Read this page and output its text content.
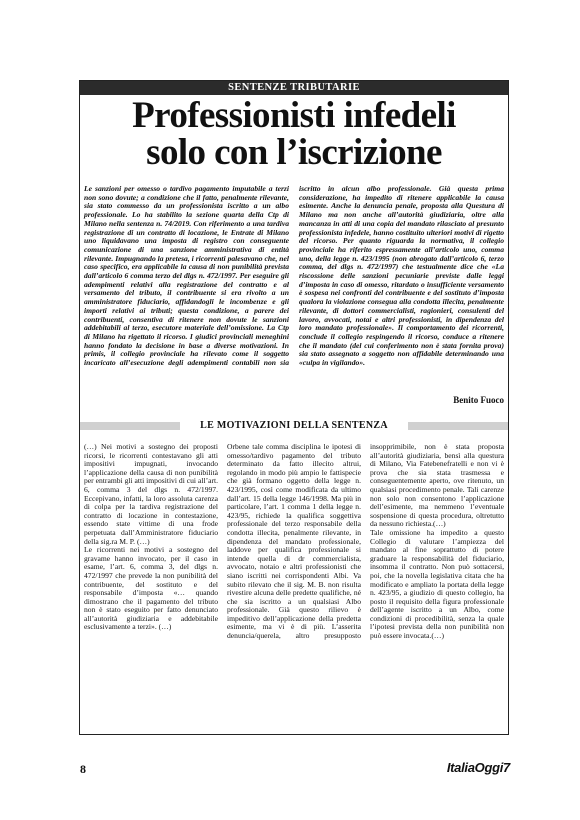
SENTENZE TRIBUTARIE
Professionisti infedeli
solo con l’iscrizione

Le sanzioni per omesso o tardivo pagamento imputabile a terzi non sono dovute; a condizione che il fatto, penalmente rilevante, sia stato commesso da un professionista iscritto a un albo professionale. Lo ha stabilito la sezione quarta della Ctp di Milano nella sentenza n. 74/2019. Con riferimento a una tardiva registrazione di un contratto di locazione, le Entrate di Milano uno liquidavano una imposta di registro con conseguente comunicazione di una sanzione amministrativa di entità rilevante. Impugnando la pretesa, i ricorrenti palesavano che, nel caso specifico, era applicabile la causa di non punibilità prevista dall’articolo 6 comma terzo del dlgs n. 472/1997. Per eseguire gli adempimenti relativi alla registrazione del contratto e al versamento del tributo, il contribuente si era rivolto a un amministratore fiduciario, affidandogli le incombenze e gli importi relativi ai tributi; questa condizione, a parere dei contribuenti, consentiva di ritenere non dovute le sanzioni addebitabili al terzo, esecutore materiale dell’omissione. La Ctp di Milano ha rigettato il ricorso. I giudici provinciali meneghini hanno fondato la decisione in base a diverse motivazioni. In primis, il collegio provinciale ha rilevato come il soggetto incaricato all’esecuzione degli adempimenti contabili non sia iscritto in alcun albo professionale. Già questa prima considerazione, ha impedito di ritenere applicabile la causa esimente. Anche la denuncia penale, proposta alla Questura di Milano ma non anche all’autorità giudiziaria, oltre alla mancanza in atti di una copia del mandato rilasciato al presunto professionista infedele, hanno costituito ulteriori motivi di rigetto del ricorso. Per quanto riguarda la normativa, il collegio provinciale ha riferito espressamente all’articolo uno, comma uno, della legge n. 423/1995 (non abrogato dall’articolo 6, terzo comma, del dlgs n. 472/1997) che testualmente dice che «La riscossione delle sanzioni pecuniarie previste dalle leggi d’imposta in caso di omesso, ritardato o insufficiente versamento è sospesa nei confronti del contribuente e del sostituto d’imposta qualora la violazione consegua alla condotta illecita, penalmente rilevante, di dottori commercialisti, ragionieri, consulenti del lavoro, avvocati, notai e altri professionisti, in dipendenza del loro mandato professionale». Il comportamento dei ricorrenti, conclude il collegio respingendo il ricorso, conduce a ritenere che il mandato (del cui conferimento non è stata fornita prova) sia stato assegnato a soggetto non affidabile determinando una «culpa in vigilando».

Benito Fuoco
LE MOTIVAZIONI DELLA SENTENZA

(…) Nei motivi a sostegno dei proposti ricorsi, le ricorrenti contestavano gli atti impositivi impugnati, invocando l’applicazione della causa di non punibilità per entrambi gli atti impositivi di cui all’art. 6, comma 3 del dlgs n. 472/1997. Eccepivano, infatti, la loro assoluta carenza di colpa per la tardiva registrazione del contratto di locazione in contestazione, essendo state vittime di una frode perpetuata dall’Amministratore fiduciario della sig.ra M. P. (…)

Le ricorrenti nei motivi a sostegno del gravame hanno invocato, per il caso in esame, l’art. 6, comma 3, del dlgs n. 472/1997 che prevede la non punibilità del contribuente, del sostituto e del responsabile d’imposta «… quando dimostrano che il pagamento del tributo non è stato eseguito per fatto denunciato all’autorità giudiziaria e addebitabile esclusivamente a terzi». (…)

Orbene tale comma disciplina le ipotesi di omesso/tardivo pagamento del tributo determinato da fatto illecito altrui, regolando in modo più ampio le fattispecie che già formano oggetto della legge n. 423/1995, così come modificata da ultimo dall’art. 15 della legge 146/1998. Ma più in particolare, l’art. 1 comma 1 della legge n. 423/95, richiede la qualifica soggettiva professionale del terzo responsabile della condotta illecita, penalmente rilevante, in dipendenza del mandato professionale, laddove per qualifica professionale si intende quella di dr commercialista, avvocato, notaio e altri professionisti che siano iscritti nei corrispondenti Albi. Va subito rilevato che il sig. M. B. non risulta rivestire alcuna delle predette qualifiche, né che sia iscritto a un qualsiasi Albo professionale. Già questo rilievo è impeditivo dell’applicazione della predetta esimente, ma vi è di più. L’asserita denuncia/querela, altro presupposto insopprimibile, non è stata proposta all’autorità giudiziaria, bensì alla questura di Milano, Via Fatebenefratelli e non vi è prova che sia stata trasmessa e conseguentemente aperto, ove ritenuto, un qualsiasi procedimento penale. Tali carenze non solo non consentono l’applicazione dell’esimente, ma nemmeno l’eventuale sospensione di questa procedura, oltretutto da nessuno richiesta.(…)

Tale omissione ha impedito a questo Collegio di valutare l’ampiezza del mandato al fine soprattutto di potere graduare la responsabilità del fiduciario, insomma il contratto. Non può sottacersi, poi, che la novella legislativa citata che ha modificato e ampliato la portata della legge n. 423/95, a giudizio di questo collegio, ha posto il requisito della figura professionale dell’agente iscritto a un Albo, come condizioni di procedibilità, senza la quale l’ipotesi prevista della non punibilità non può essere invocata.(…)

8	ItaliaOggi7
